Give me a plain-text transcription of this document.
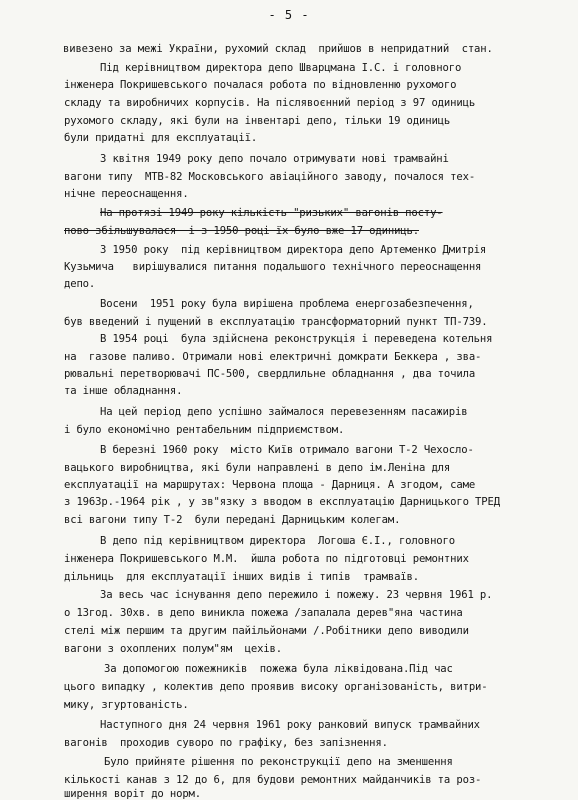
- 5 -
вивезено за межі України, рухомий склад  прийшов в непридатний  стан.
Під керівництвом директора депо Шварцмана І.С. і головного
інженера Покришевського почалася робота по відновленню рухомого
складу та виробничих корпусів. На післявоєнний період з 97 одиниць
рухомого складу, які були на інвентарі депо, тільки 19 одиниць
були придатні для експлуатації.
З квітня 1949 року депо почало отримувати нові трамвайні
вагони типу  МТВ-82 Московського авіаційного заводу, почалося тех-
нічне переоснащення.
На протязі 1949 року кількість "ризьких" вагонів посту-
пово збільшувалася  і з 1950 році їх було вже 17 одиниць.
З 1950 року  під керівництвом директора депо Артеменко Дмитрія
Кузьмича   вирішувалися питання подальшого технічного переоснащення
депо.
Восени  1951 року була вирішена проблема енергозабезпечення,
був введений і пущений в експлуатацію трансформаторний пункт ТП-739.
В 1954 році  була здійснена реконструкція і переведена котельня
на  газове паливо. Отримали нові електричні домкрати Беккера , зва-
рювальні перетворювачі ПС-500, свердлильне обладнання , два точила
та інше обладнання.
На цей період депо успішно займалося перевезенням пасажирів
і було економічно рентабельним підприємством.
В березні 1960 року  місто Київ отримало вагони Т-2 Чехосло-
вацького виробництва, які були направлені в депо ім.Леніна для
експлуатації на маршрутах: Червона площа - Дарниця. А згодом, саме
з 1963р.-1964 рік , у зв"язку з вводом в експлуатацію Дарницького ТРЕД
всі вагони типу Т-2  були передані Дарницьким колегам.
В депо під керівництвом директора  Логоша Є.І., головного
інженера Покришевського М.М.  йшла робота по підготовці ремонтних
дільниць  для експлуатації інших видів і типів  трамваїв.
За весь час існування депо пережило і пожежу. 23 червня 1961 р.
о 13год. 30хв. в депо виникла пожежа /запалала дерев"яна частина
стелі між першим та другим пайільйонами /.Робітники депо виводили
вагони з охоплених полум"ям  цехів.
За допомогою пожежників  пожежа була ліквідована.Під час
цього випадку , колектив депо проявив високу організованість, витри-
мику, згуртованість.
Наступного дня 24 червня 1961 року ранковий випуск трамвайних
вагонів  проходив суворо по графіку, без запізнення.
Було прийняте рішення по реконструкції депо на зменшення
кількості канав з 12 до 6, для будови ремонтних майданчиків та роз-
ширення воріт до норм.
